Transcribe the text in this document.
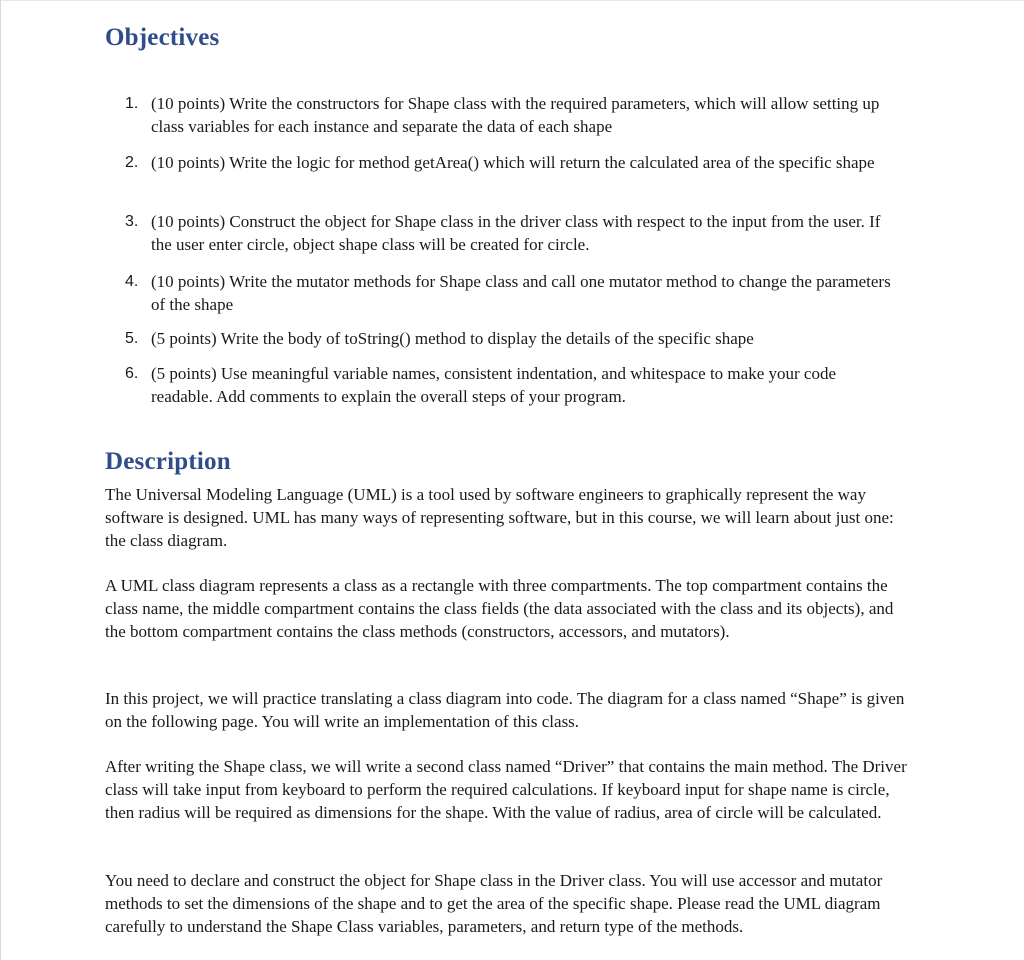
Objectives
1. (10 points) Write the constructors for Shape class with the required parameters, which will allow setting up class variables for each instance and separate the data of each shape
2. (10 points) Write the logic for method getArea() which will return the calculated area of the specific shape
3. (10 points) Construct the object for Shape class in the driver class with respect to the input from the user. If the user enter circle, object shape class will be created for circle.
4. (10 points) Write the mutator methods for Shape class and call one mutator method to change the parameters of the shape
5. (5 points) Write the body of toString() method to display the details of the specific shape
6. (5 points) Use meaningful variable names, consistent indentation, and whitespace to make your code readable. Add comments to explain the overall steps of your program.
Description

The Universal Modeling Language (UML) is a tool used by software engineers to graphically represent the way software is designed. UML has many ways of representing software, but in this course, we will learn about just one: the class diagram.

A UML class diagram represents a class as a rectangle with three compartments. The top compartment contains the class name, the middle compartment contains the class fields (the data associated with the class and its objects), and the bottom compartment contains the class methods (constructors, accessors, and mutators).

In this project, we will practice translating a class diagram into code. The diagram for a class named “Shape” is given on the following page. You will write an implementation of this class.

After writing the Shape class, we will write a second class named “Driver” that contains the main method. The Driver class will take input from keyboard to perform the required calculations. If keyboard input for shape name is circle, then radius will be required as dimensions for the shape. With the value of radius, area of circle will be calculated.

You need to declare and construct the object for Shape class in the Driver class. You will use accessor and mutator methods to set the dimensions of the shape and to get the area of the specific shape. Please read the UML diagram carefully to understand the Shape Class variables, parameters, and return type of the methods.
